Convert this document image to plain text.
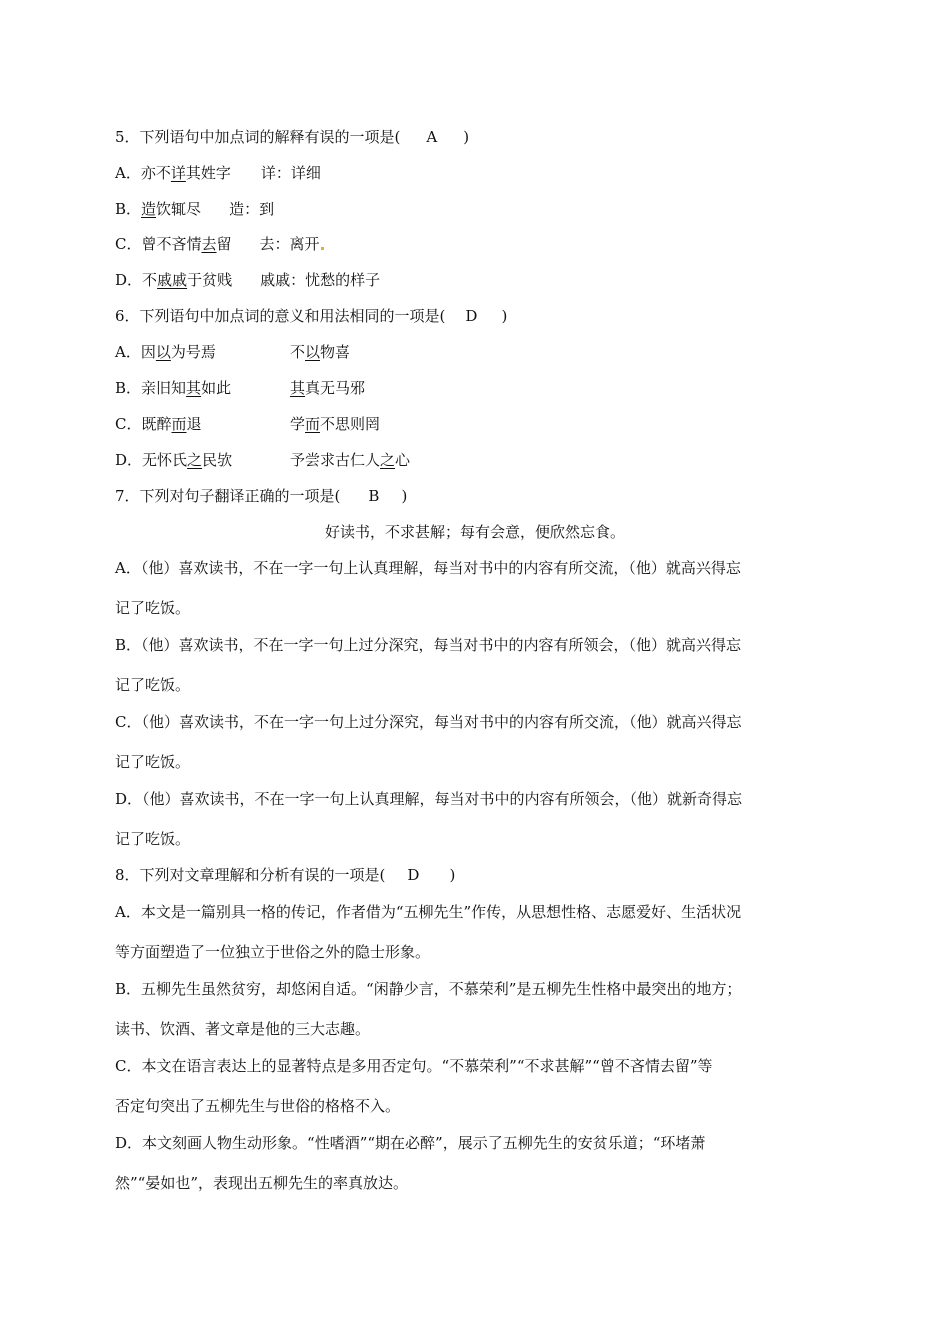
5．下列语句中加点词的解释有误的一项是( A )
A．亦不详其姓字 详：详细
B．造饮辄尽 造：到
C．曾不吝情去留 去：离开
D．不戚戚于贫贱 戚戚：忧愁的样子
6．下列语句中加点词的意义和用法相同的一项是( D )
A．因以为号焉	不以物喜
B．亲旧知其如此	其真无马邪
C．既醉而退	学而不思则罔
D．无怀氏之民欤	予尝求古仁人之心
7．下列对句子翻译正确的一项是( B )
好读书，不求甚解；每有会意，便欣然忘食。
A．（他）喜欢读书，不在一字一句上认真理解，每当对书中的内容有所交流，（他）就高兴得忘
记了吃饭。
B．（他）喜欢读书，不在一字一句上过分深究，每当对书中的内容有所领会，（他）就高兴得忘
记了吃饭。
C．（他）喜欢读书，不在一字一句上过分深究，每当对书中的内容有所交流，（他）就高兴得忘
记了吃饭。
D．（他）喜欢读书，不在一字一句上认真理解，每当对书中的内容有所领会，（他）就新奇得忘
记了吃饭。
8．下列对文章理解和分析有误的一项是( D )
A．本文是一篇别具一格的传记，作者借为“五柳先生”作传，从思想性格、志愿爱好、生活状况
等方面塑造了一位独立于世俗之外的隐士形象。
B．五柳先生虽然贫穷，却悠闲自适。“闲静少言，不慕荣利”是五柳先生性格中最突出的地方；
读书、饮酒、著文章是他的三大志趣。
C．本文在语言表达上的显著特点是多用否定句。“不慕荣利”“不求甚解”“曾不吝情去留”等
否定句突出了五柳先生与世俗的格格不入。
D．本文刻画人物生动形象。“性嗜酒”“期在必醉”，展示了五柳先生的安贫乐道；“环堵萧
然”“晏如也”，表现出五柳先生的率真放达。
